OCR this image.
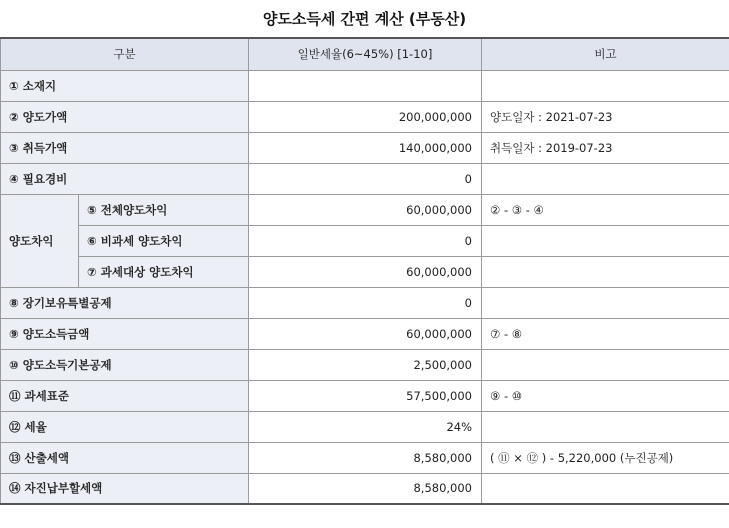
양도소득세 간편 계산 (부동산)
구분		일반세율(6~45%) [1-10]	비고
① 소재지			
② 양도가액		200,000,000	양도일자 : 2021-07-23
③ 취득가액		140,000,000	취득일자 : 2019-07-23
④ 필요경비		0	
양도차익	⑤ 전체양도차익	60,000,000	② - ③ - ④
	⑥ 비과세 양도차익	0	
	⑦ 과세대상 양도차익	60,000,000	
⑧ 장기보유특별공제		0	
⑨ 양도소득금액		60,000,000	⑦ - ⑧
⑩ 양도소득기본공제		2,500,000	
⑪ 과세표준		57,500,000	⑨ - ⑩
⑫ 세율		24%	
⑬ 산출세액		8,580,000	( ⑪ × ⑫ ) - 5,220,000 (누진공제)
⑭ 자진납부할세액		8,580,000	
